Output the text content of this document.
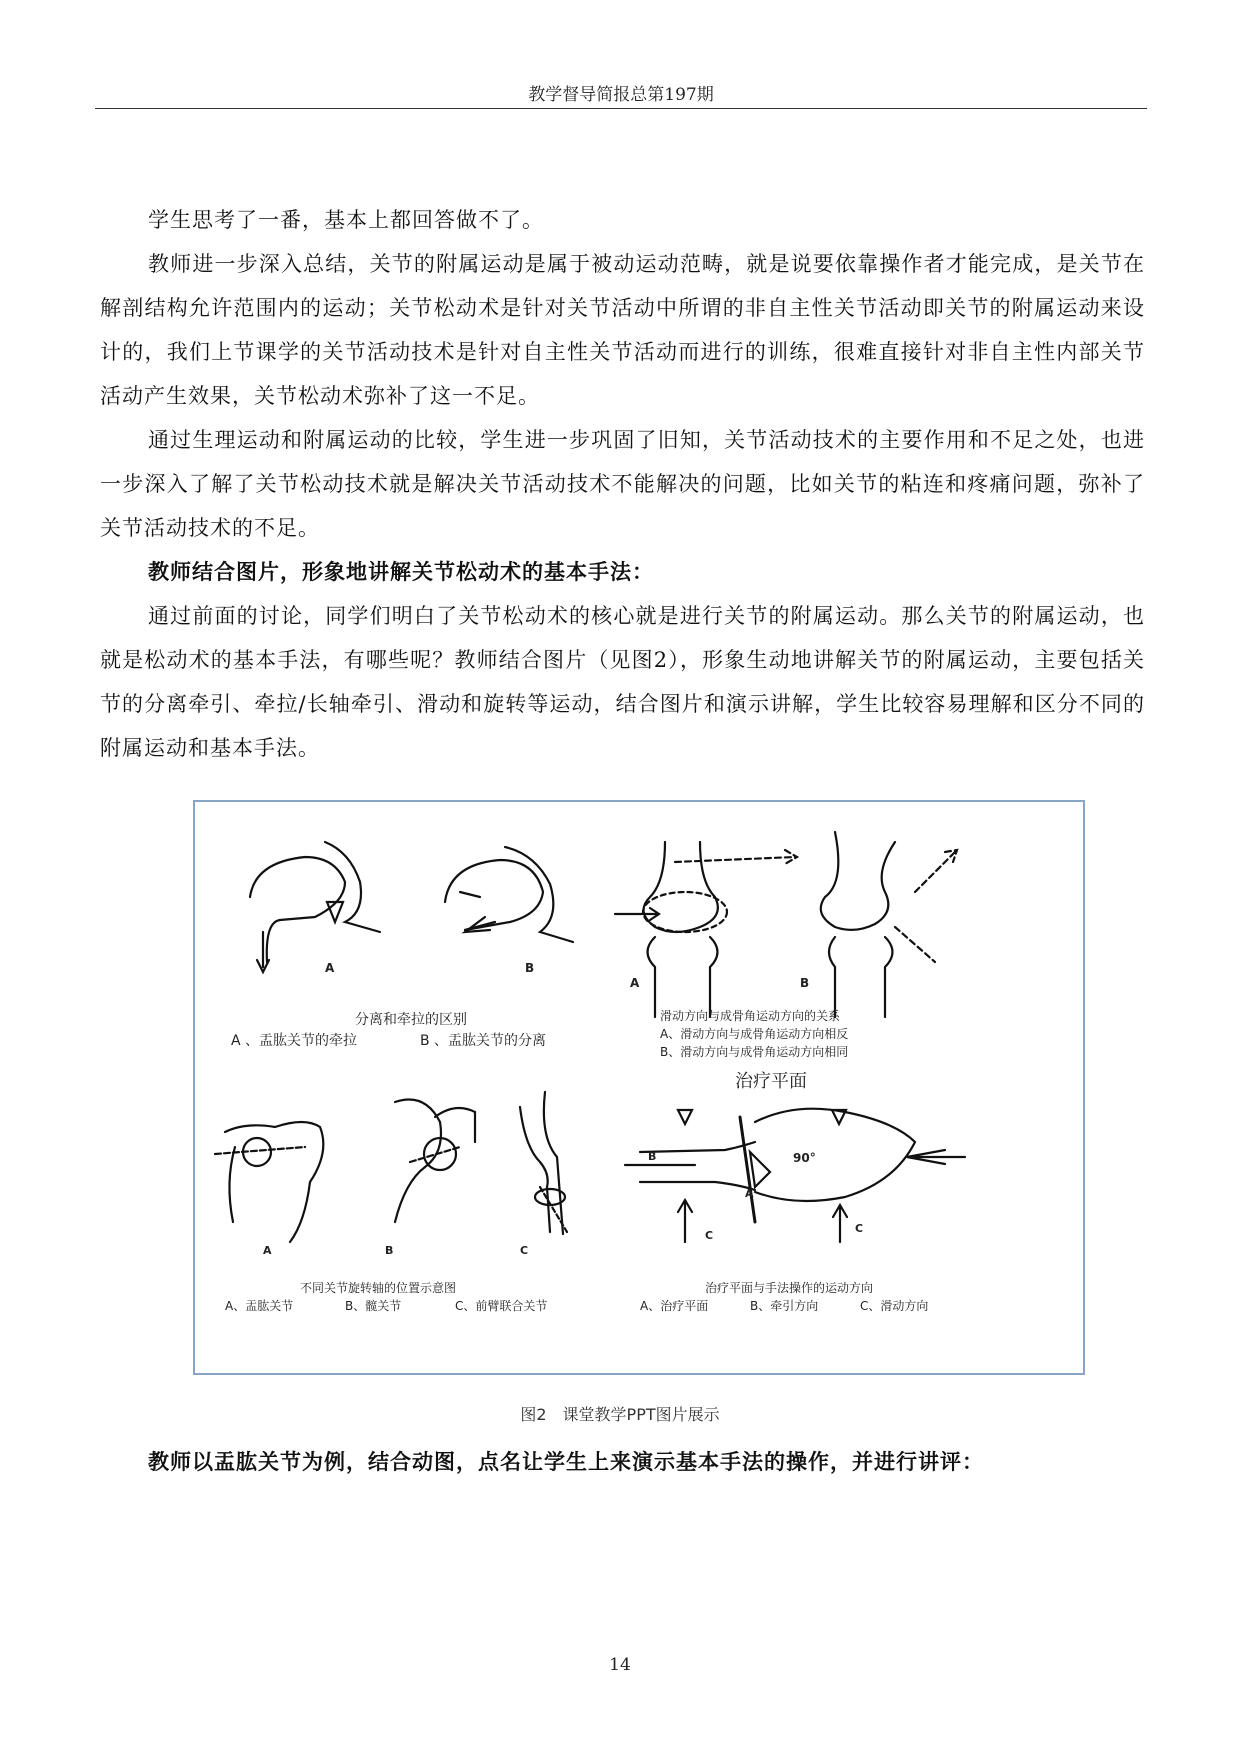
教学督导简报总第197期

学生思考了一番，基本上都回答做不了。

教师进一步深入总结，关节的附属运动是属于被动运动范畴，就是说要依靠操作者才能完成，是关节在解剖结构允许范围内的运动；关节松动术是针对关节活动中所谓的非自主性关节活动即关节的附属运动来设计的，我们上节课学的关节活动技术是针对自主性关节活动而进行的训练，很难直接针对非自主性内部关节活动产生效果，关节松动术弥补了这一不足。

通过生理运动和附属运动的比较，学生进一步巩固了旧知，关节活动技术的主要作用和不足之处，也进一步深入了解了关节松动技术就是解决关节活动技术不能解决的问题，比如关节的粘连和疼痛问题，弥补了关节活动技术的不足。

教师结合图片，形象地讲解关节松动术的基本手法：

通过前面的讨论，同学们明白了关节松动术的核心就是进行关节的附属运动。那么关节的附属运动，也就是松动术的基本手法，有哪些呢？教师结合图片（见图2），形象生动地讲解关节的附属运动，主要包括关节的分离牵引、牵拉/长轴牵引、滑动和旋转等运动，结合图片和演示讲解，学生比较容易理解和区分不同的附属运动和基本手法。

A	B
分离和牵拉的区别
A 、盂肱关节的牵拉	B 、盂肱关节的分离
A	B
滑动方向与成骨角运动方向的关系
A、滑动方向与成骨角运动方向相反
B、滑动方向与成骨角运动方向相同
A	B	C
不同关节旋转轴的位置示意图
A、盂肱关节	B、髋关节	C、前臂联合关节
治疗平面
90°
B
A
C
C
治疗平面与手法操作的运动方向
A、治疗平面	B、牵引方向	C、滑动方向
图2　课堂教学PPT图片展示

教师以盂肱关节为例，结合动图，点名让学生上来演示基本手法的操作，并进行讲评：

14
